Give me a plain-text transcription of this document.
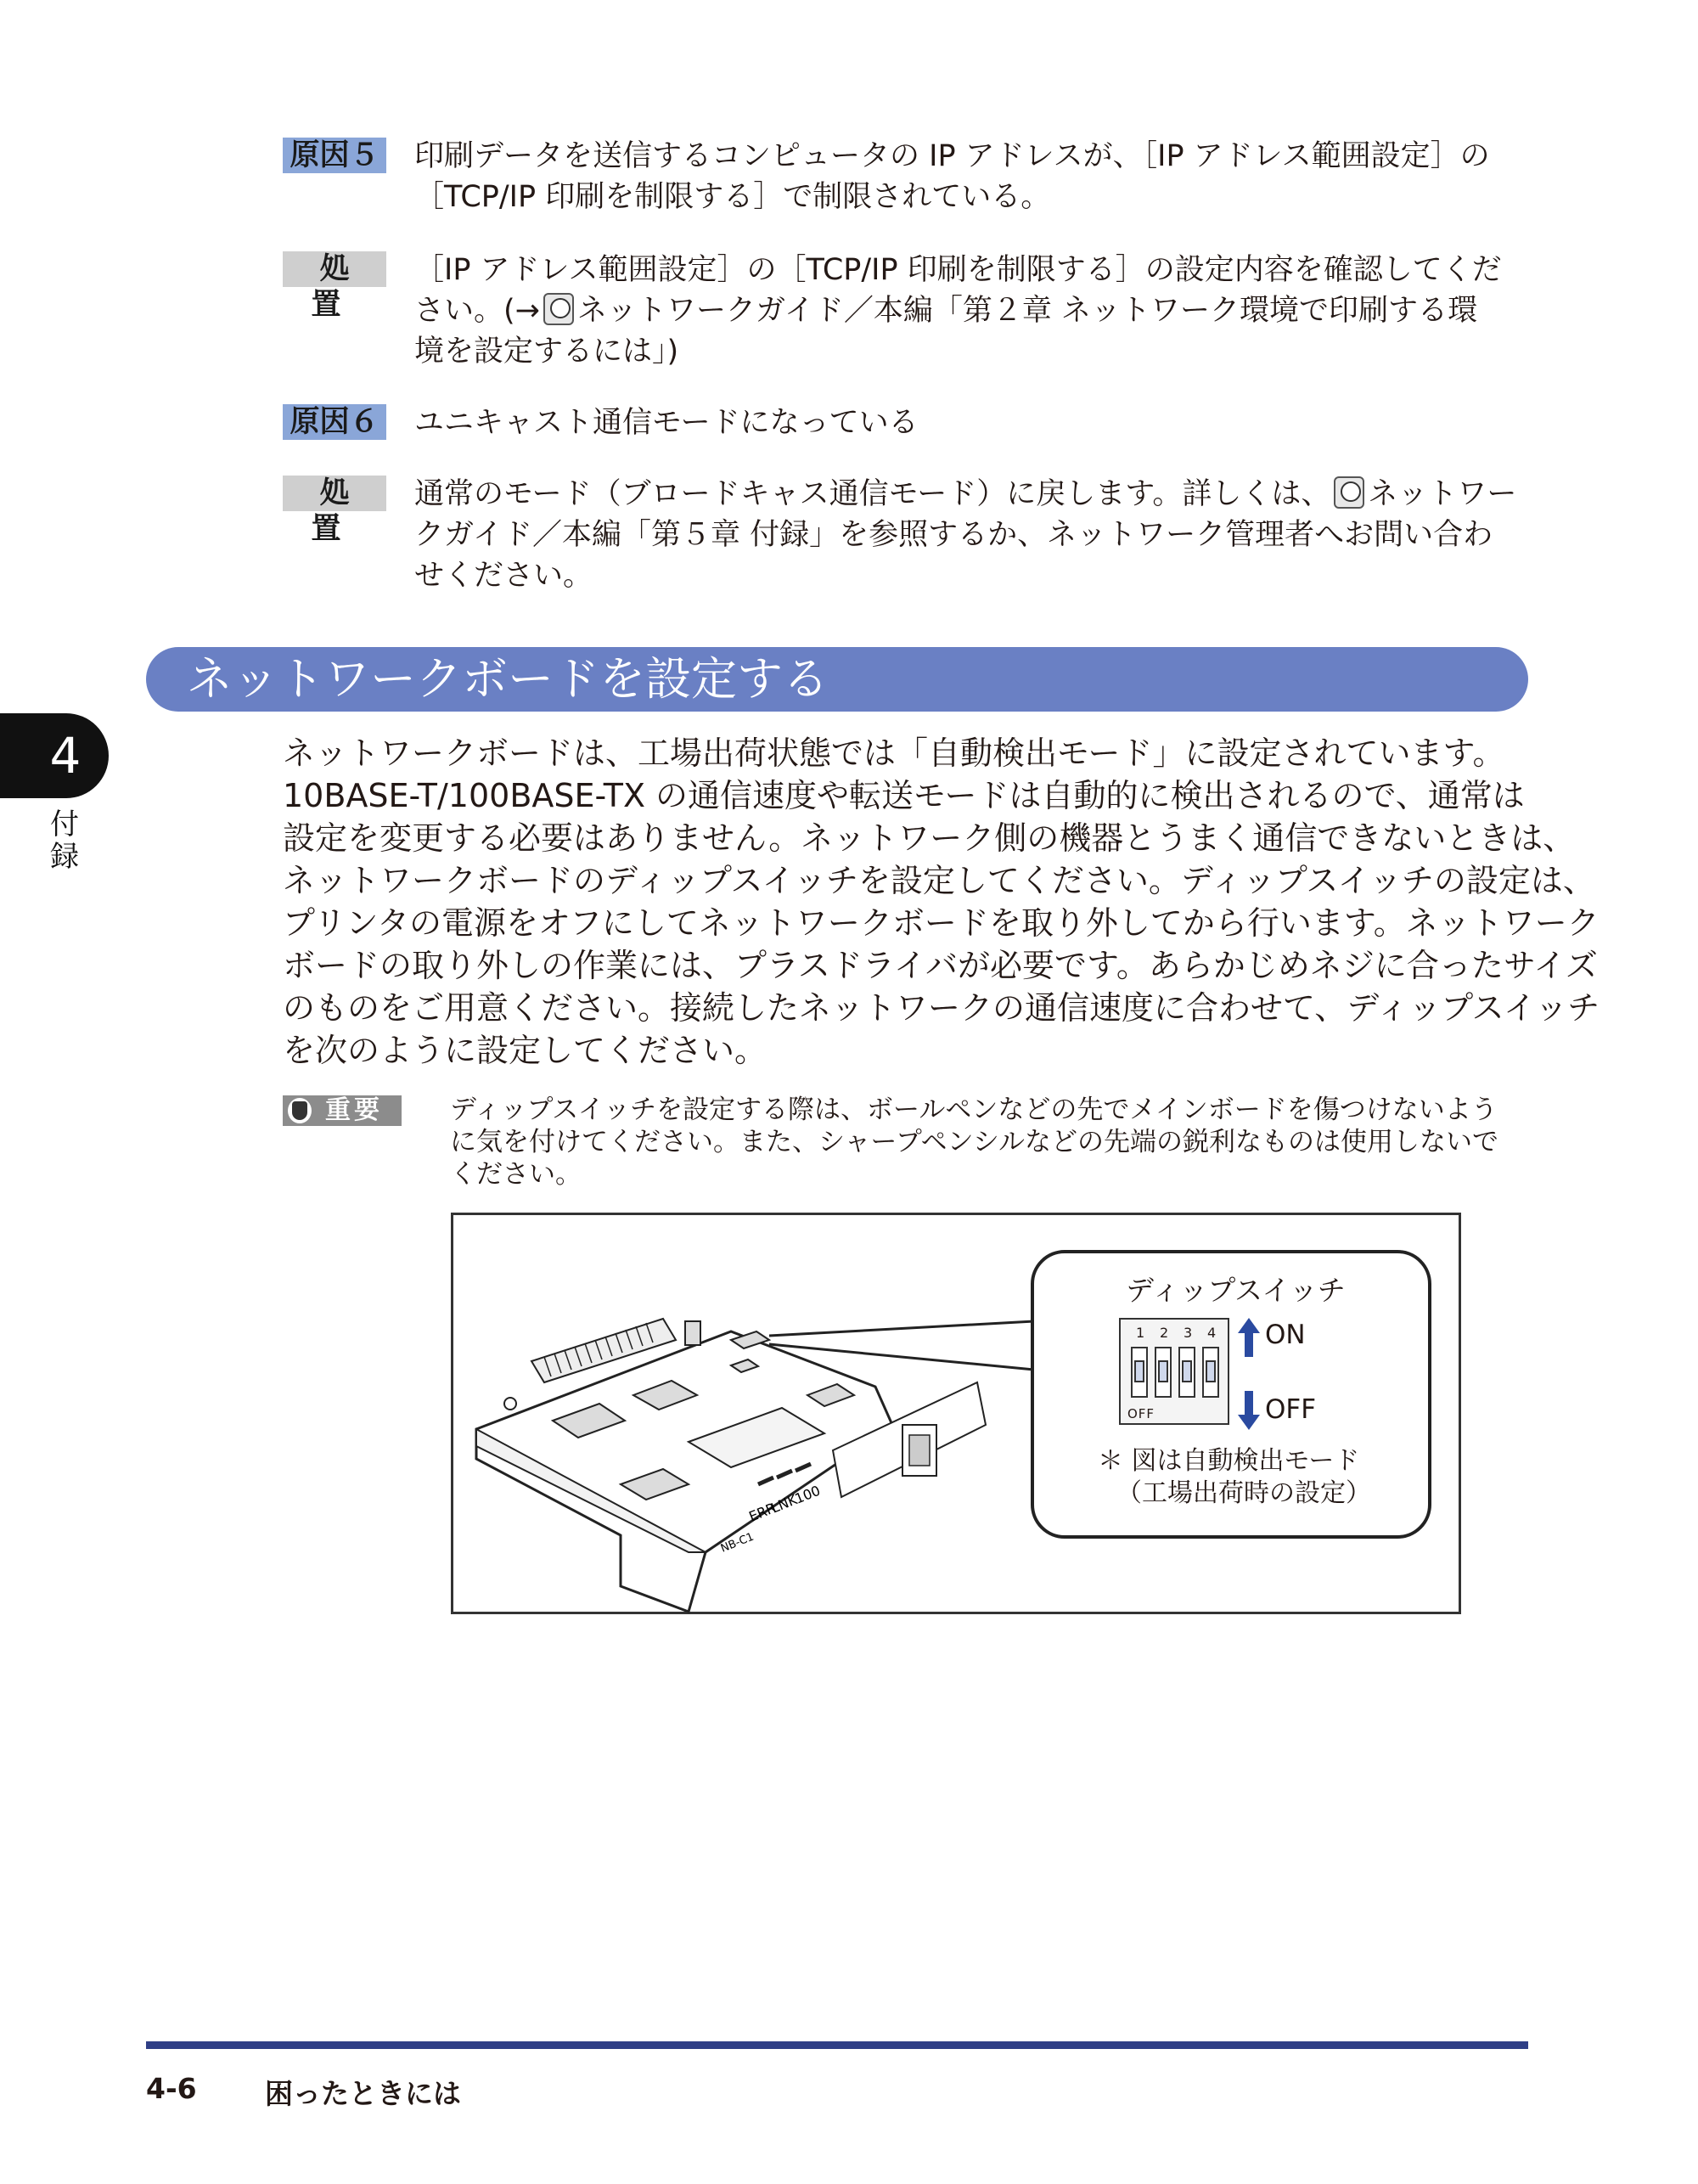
原因５ 印刷データを送信するコンピュータの IP アドレスが、［IP アドレス範囲設定］の
［TCP/IP 印刷を制限する］で制限されている。
処置
［IP アドレス範囲設定］の［TCP/IP 印刷を制限する］の設定内容を確認してくだ
さい。(→ ネットワークガイド／本編「第２章 ネットワーク環境で印刷する環
境を設定するには」)
原因６ ユニキャスト通信モードになっている
処置
通常のモード（ブロードキャス通信モード）に戻します。詳しくは、 ネットワー
クガイド／本編「第５章 付録」を参照するか、ネットワーク管理者へお問い合わ
せください。
ネットワークボードを設定する
ネットワークボードは、工場出荷状態では「自動検出モード」に設定されています。
10BASE-T/100BASE-TX の通信速度や転送モードは自動的に検出されるので、通常は
設定を変更する必要はありません。ネットワーク側の機器とうまく通信できないときは、
ネットワークボードのディップスイッチを設定してください。ディップスイッチの設定は、
プリンタの電源をオフにしてネットワークボードを取り外してから行います。ネットワーク
ボードの取り外しの作業には、プラスドライバが必要です。あらかじめネジに合ったサイズ
のものをご用意ください。接続したネットワークの通信速度に合わせて、ディップスイッチ
を次のように設定してください。
重要	ディップスイッチを設定する際は、ボールペンなどの先でメインボードを傷つけないよう
に気を付けてください。また、シャープペンシルなどの先端の鋭利なものは使用しないで
ください。
ERR
LNK
100
NB-C1
ディップスイッチ
1 2 3 4
OFF
ON
OFF
＊ 図は自動検出モード
（工場出荷時の設定）
4
付録
4-6 困ったときには
